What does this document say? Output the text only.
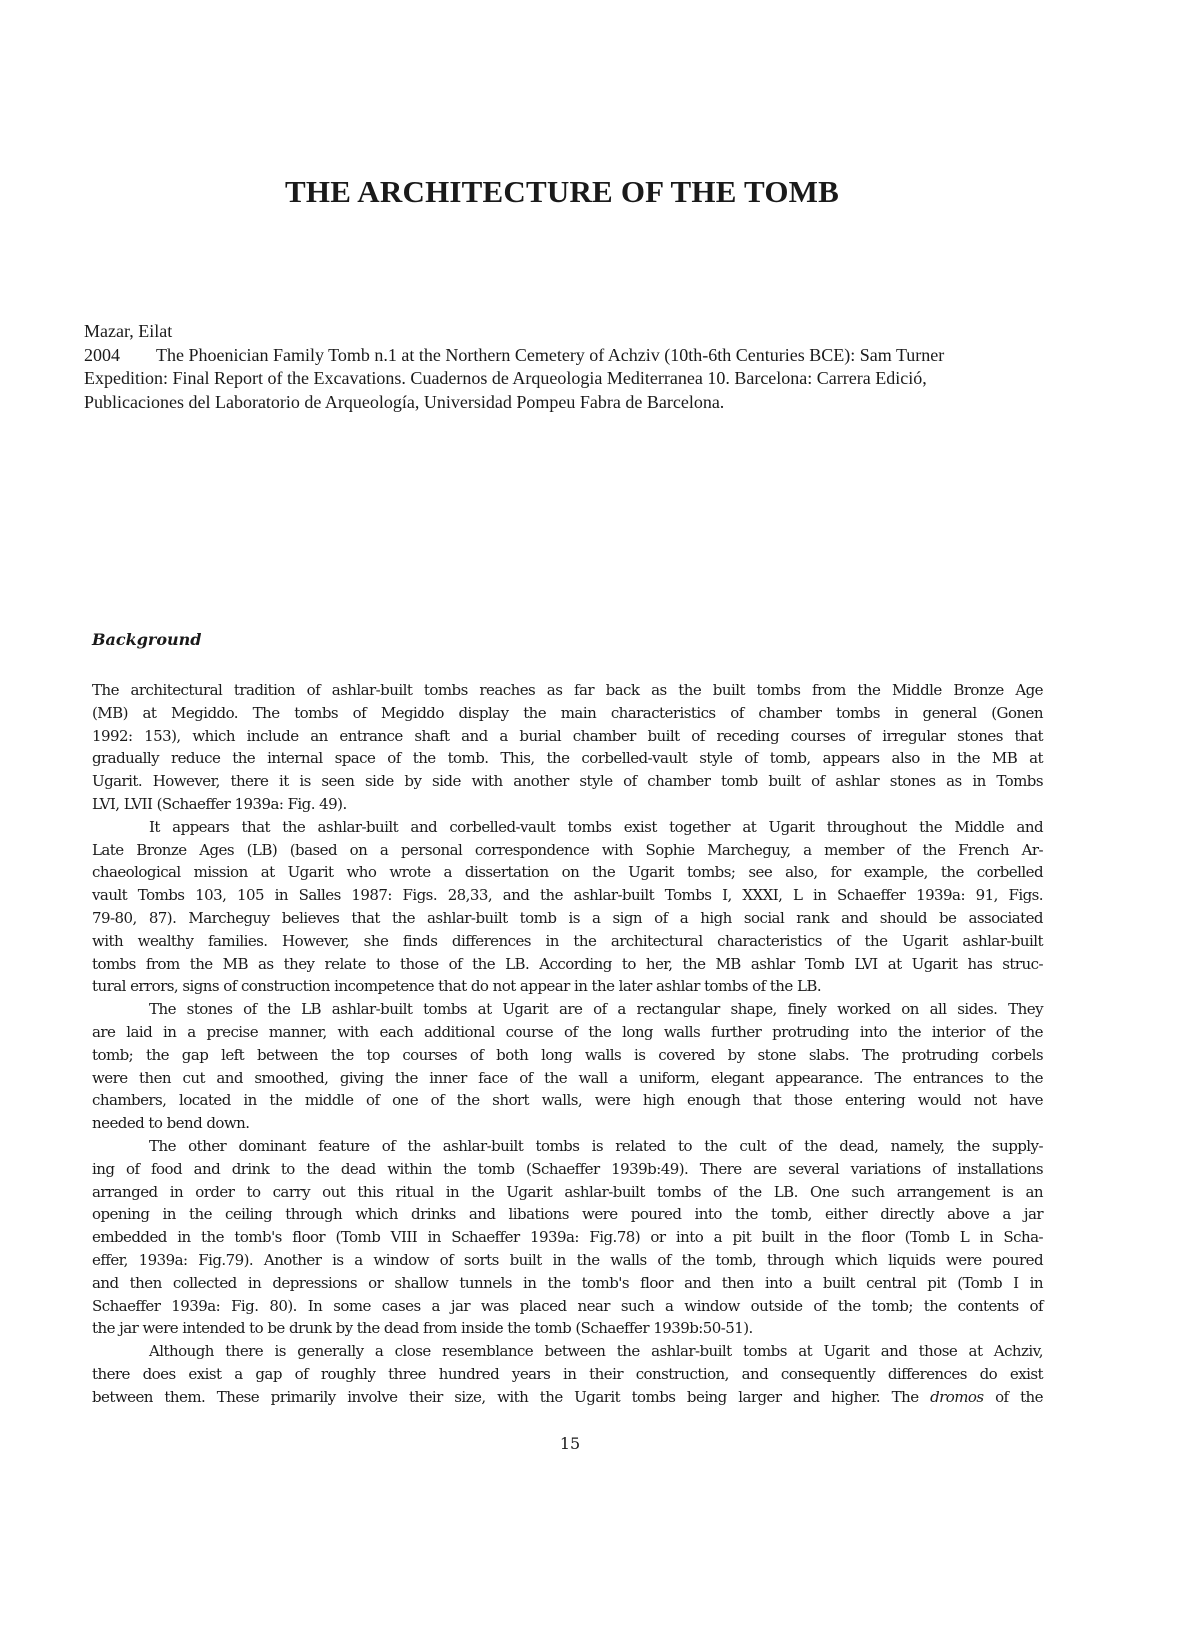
THE ARCHITECTURE OF THE TOMB
Mazar, Eilat
2004 The Phoenician Family Tomb n.1 at the Northern Cemetery of Achziv (10th-6th Centuries BCE): Sam Turner
Expedition: Final Report of the Excavations. Cuadernos de Arqueologia Mediterranea 10. Barcelona: Carrera Edició,
Publicaciones del Laboratorio de Arqueología, Universidad Pompeu Fabra de Barcelona.
Background
The architectural tradition of ashlar-built tombs reaches as far back as the built tombs from the Middle Bronze Age
(MB) at Megiddo. The tombs of Megiddo display the main characteristics of chamber tombs in general (Gonen
1992: 153), which include an entrance shaft and a burial chamber built of receding courses of irregular stones that
gradually reduce the internal space of the tomb. This, the corbelled-vault style of tomb, appears also in the MB at
Ugarit. However, there it is seen side by side with another style of chamber tomb built of ashlar stones as in Tombs
LVI, LVII (Schaeffer 1939a: Fig. 49).
It appears that the ashlar-built and corbelled-vault tombs exist together at Ugarit throughout the Middle and
Late Bronze Ages (LB) (based on a personal correspondence with Sophie Marcheguy, a member of the French Ar-
chaeological mission at Ugarit who wrote a dissertation on the Ugarit tombs; see also, for example, the corbelled
vault Tombs 103, 105 in Salles 1987: Figs. 28,33, and the ashlar-built Tombs I, XXXI, L in Schaeffer 1939a: 91, Figs.
79-80, 87). Marcheguy believes that the ashlar-built tomb is a sign of a high social rank and should be associated
with wealthy families. However, she finds differences in the architectural characteristics of the Ugarit ashlar-built
tombs from the MB as they relate to those of the LB. According to her, the MB ashlar Tomb LVI at Ugarit has struc-
tural errors, signs of construction incompetence that do not appear in the later ashlar tombs of the LB.
The stones of the LB ashlar-built tombs at Ugarit are of a rectangular shape, finely worked on all sides. They
are laid in a precise manner, with each additional course of the long walls further protruding into the interior of the
tomb; the gap left between the top courses of both long walls is covered by stone slabs. The protruding corbels
were then cut and smoothed, giving the inner face of the wall a uniform, elegant appearance. The entrances to the
chambers, located in the middle of one of the short walls, were high enough that those entering would not have
needed to bend down.
The other dominant feature of the ashlar-built tombs is related to the cult of the dead, namely, the supply-
ing of food and drink to the dead within the tomb (Schaeffer 1939b:49). There are several variations of installations
arranged in order to carry out this ritual in the Ugarit ashlar-built tombs of the LB. One such arrangement is an
opening in the ceiling through which drinks and libations were poured into the tomb, either directly above a jar
embedded in the tomb's floor (Tomb VIII in Schaeffer 1939a: Fig.78) or into a pit built in the floor (Tomb L in Scha-
effer, 1939a: Fig.79). Another is a window of sorts built in the walls of the tomb, through which liquids were poured
and then collected in depressions or shallow tunnels in the tomb's floor and then into a built central pit (Tomb I in
Schaeffer 1939a: Fig. 80). In some cases a jar was placed near such a window outside of the tomb; the contents of
the jar were intended to be drunk by the dead from inside the tomb (Schaeffer 1939b:50-51).
Although there is generally a close resemblance between the ashlar-built tombs at Ugarit and those at Achziv,
there does exist a gap of roughly three hundred years in their construction, and consequently differences do exist
between them. These primarily involve their size, with the Ugarit tombs being larger and higher. The dromos of the
15
